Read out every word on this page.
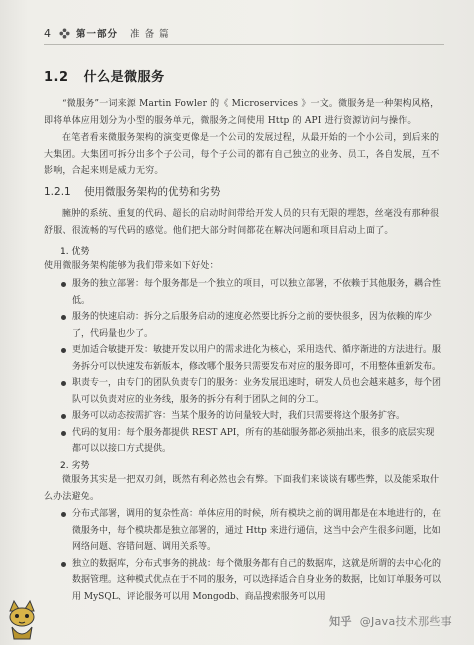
4	第一部分 准 备 篇
1.2 什么是微服务

“微服务”一词来源 Martin Fowler 的《 Microservices 》一文。微服务是一种架构风格，即将单体应用划分为小型的服务单元，微服务之间使用 Http 的 API 进行资源访问与操作。

在笔者看来微服务架构的演变更像是一个公司的发展过程，从最开始的一个小公司，到后来的大集团。大集团可拆分出多个子公司，每个子公司的都有自己独立的业务、员工，各自发展，互不影响，合起来则是威力无穷。

1.2.1 使用微服务架构的优势和劣势

臃肿的系统、重复的代码、超长的启动时间带给开发人员的只有无限的埋怨，丝毫没有那种很舒服、很流畅的写代码的感觉。他们把大部分时间都花在解决问题和项目启动上面了。

1. 优势

使用微服务架构能够为我们带来如下好处：

服务的独立部署：每个服务都是一个独立的项目，可以独立部署，不依赖于其他服务，耦合性低。
服务的快速启动：拆分之后服务启动的速度必然要比拆分之前的要快很多，因为依赖的库少了，代码量也少了。
更加适合敏捷开发：敏捷开发以用户的需求进化为核心，采用迭代、循序渐进的方法进行。服务拆分可以快速发布新版本，修改哪个服务只需要发布对应的服务即可，不用整体重新发布。
职责专一，由专门的团队负责专门的服务：业务发展迅速时，研发人员也会越来越多，每个团队可以负责对应的业务线，服务的拆分有利于团队之间的分工。
服务可以动态按需扩容：当某个服务的访问量较大时，我们只需要将这个服务扩容。
代码的复用：每个服务都提供 REST API，所有的基础服务都必须抽出来，很多的底层实现都可以以接口方式提供。
2. 劣势

微服务其实是一把双刃剑，既然有利必然也会有弊。下面我们来谈谈有哪些弊，以及能采取什么办法避免。

分布式部署，调用的复杂性高：单体应用的时候，所有模块之前的调用都是在本地进行的，在微服务中，每个模块都是独立部署的，通过 Http 来进行通信，这当中会产生很多问题，比如网络问题、容错问题、调用关系等。
独立的数据库，分布式事务的挑战：每个微服务都有自己的数据库，这就是所谓的去中心化的数据管理。这种模式优点在于不同的服务，可以选择适合自身业务的数据，比如订单服务可以用 MySQL、评论服务可以用 Mongodb、商品搜索服务可以用
知乎 @Java技术那些事
